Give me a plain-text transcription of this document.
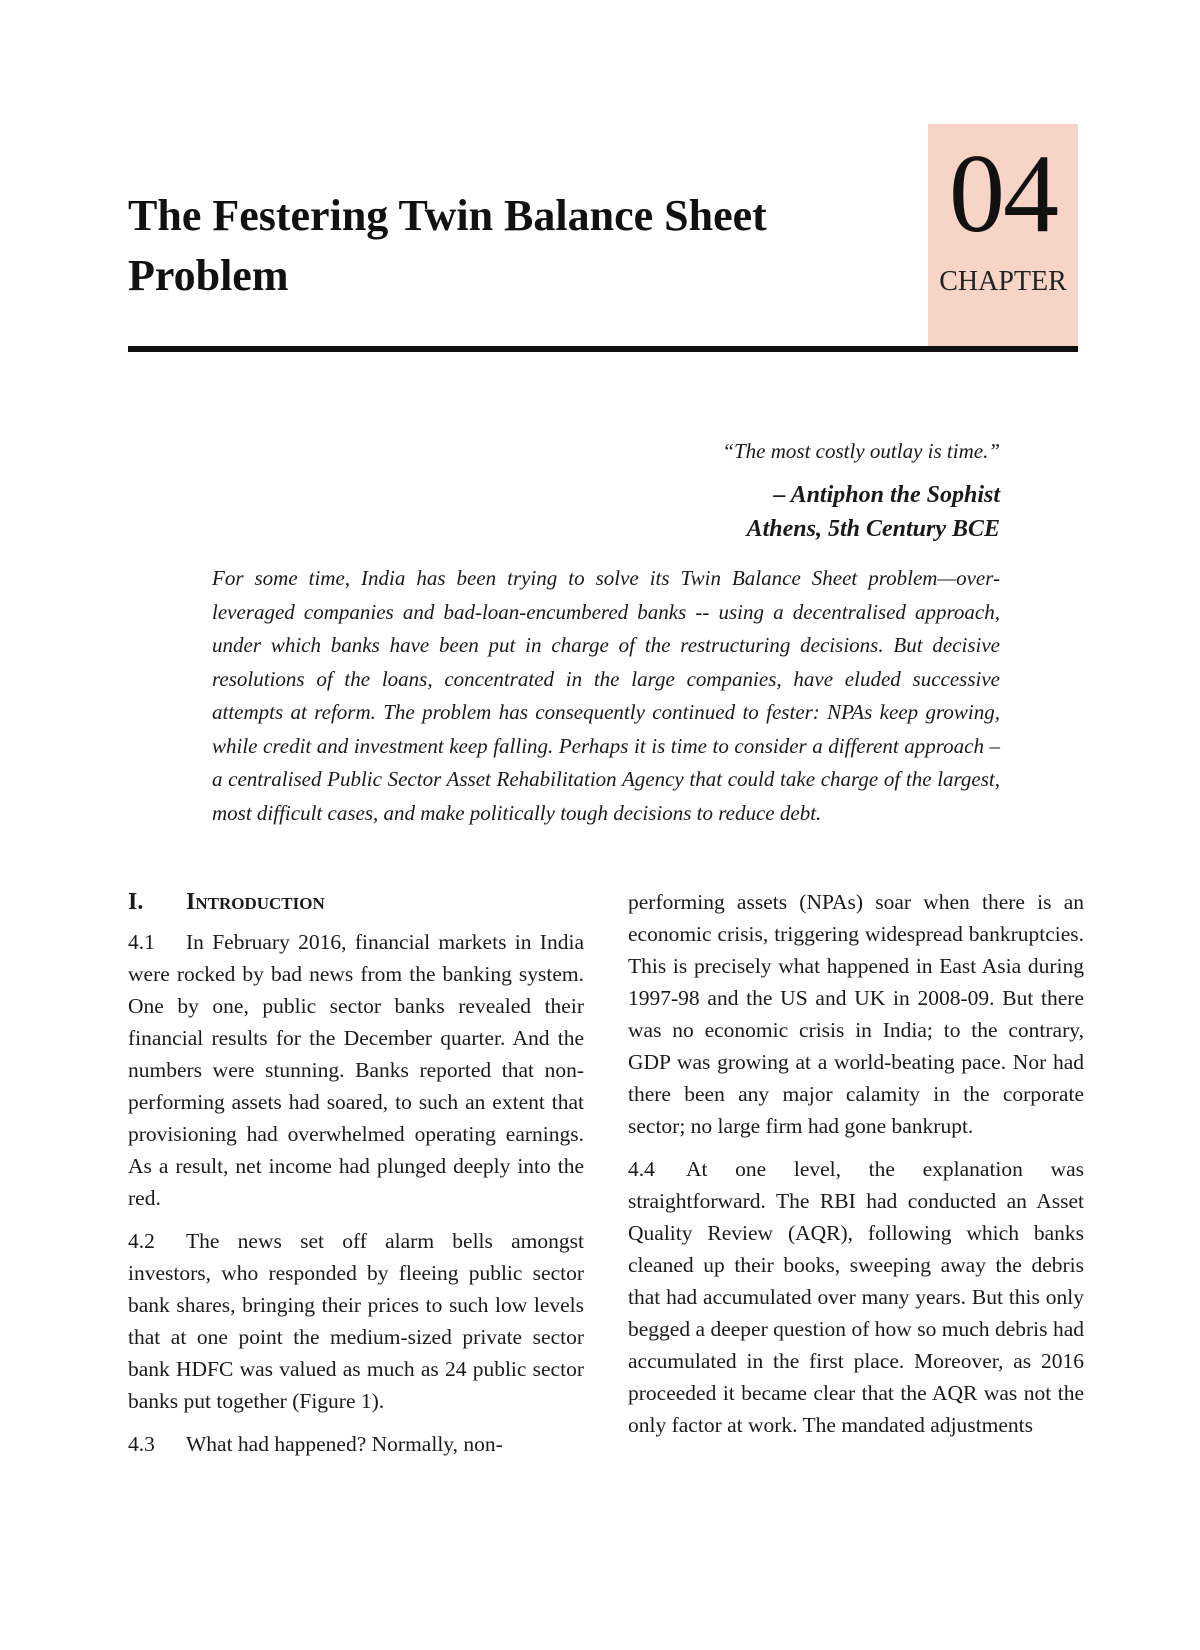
The Festering Twin Balance Sheet Problem
04
CHAPTER

“The most costly outlay is time.”

– Antiphon the Sophist

Athens, 5th Century BCE

For some time, India has been trying to solve its Twin Balance Sheet problem—over-leveraged companies and bad-loan-encumbered banks -- using a decentralised approach, under which banks have been put in charge of the restructuring decisions. But decisive resolutions of the loans, concentrated in the large companies, have eluded successive attempts at reform. The problem has consequently continued to fester: NPAs keep growing, while credit and investment keep falling. Perhaps it is time to consider a different approach – a centralised Public Sector Asset Rehabilitation Agency that could take charge of the largest, most difficult cases, and make politically tough decisions to reduce debt.

I. Introduction

4.1 In February 2016, financial markets in India were rocked by bad news from the banking system. One by one, public sector banks revealed their financial results for the December quarter. And the numbers were stunning. Banks reported that non-performing assets had soared, to such an extent that provisioning had overwhelmed operating earnings. As a result, net income had plunged deeply into the red.

4.2 The news set off alarm bells amongst investors, who responded by fleeing public sector bank shares, bringing their prices to such low levels that at one point the medium-sized private sector bank HDFC was valued as much as 24 public sector banks put together (Figure 1).

4.3 What had happened? Normally, non-

performing assets (NPAs) soar when there is an economic crisis, triggering widespread bankruptcies. This is precisely what happened in East Asia during 1997-98 and the US and UK in 2008-09. But there was no economic crisis in India; to the contrary, GDP was growing at a world-beating pace. Nor had there been any major calamity in the corporate sector; no large firm had gone bankrupt.

4.4 At one level, the explanation was straightforward. The RBI had conducted an Asset Quality Review (AQR), following which banks cleaned up their books, sweeping away the debris that had accumulated over many years. But this only begged a deeper question of how so much debris had accumulated in the first place. Moreover, as 2016 proceeded it became clear that the AQR was not the only factor at work. The mandated adjustments
